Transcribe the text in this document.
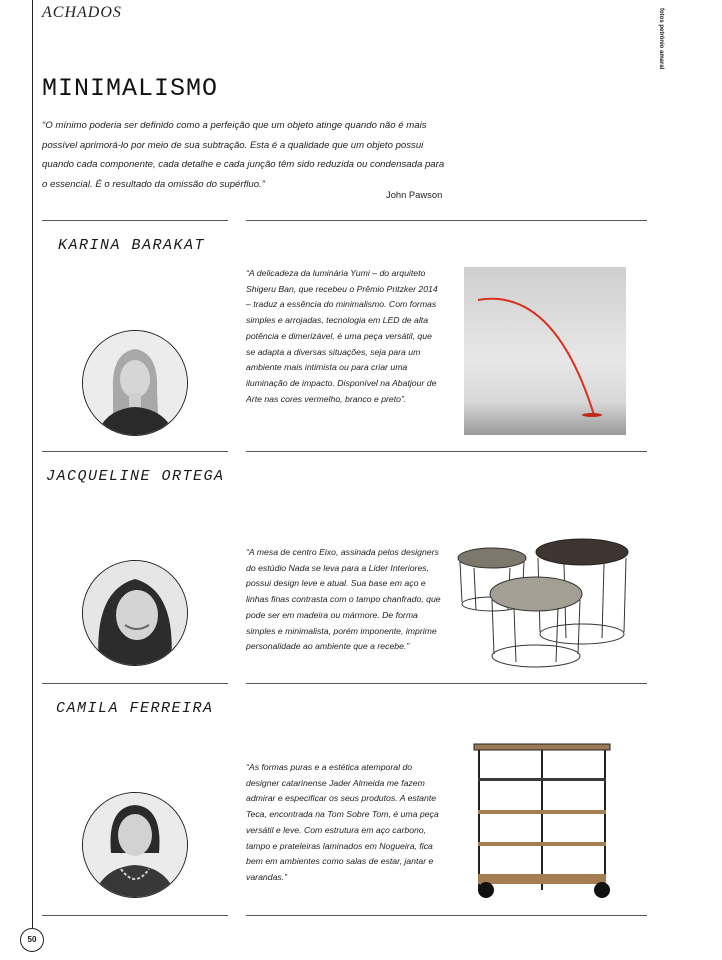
ACHADOS	fotos petrônio amaral
MINIMALISMO
“O mínimo poderia ser definido como a perfeição que um objeto atinge quando não é mais possível aprimorá-lo por meio de sua subtração. Esta é a qualidade que um objeto possui quando cada componente, cada detalhe e cada junção têm sido reduzida ou condensada para o essencial. É o resultado da omissão do supérfluo.”
John Pawson
KARINA BARAKAT
“A delicadeza da luminária Yumi – do arquiteto Shigeru Ban, que recebeu o Prêmio Pritzker 2014 – traduz a essência do minimalismo. Com formas simples e arrojadas, tecnologia em LED de alta potência e dimerizável, é uma peça versátil, que se adapta a diversas situações, seja para um ambiente mais intimista ou para criar uma iluminação de impacto. Disponível na Abatjour de Arte nas cores vermelho, branco e preto”.
JACQUELINE ORTEGA
“A mesa de centro Eixo, assinada pelos designers do estúdio Nada se leva para a Lider Interiores, possui design leve e atual. Sua base em aço e linhas finas contrasta com o tampo chanfrado, que pode ser em madeira ou mármore. De forma simples e minimalista, porém imponente, imprime personalidade ao ambiente que a recebe.”
CAMILA FERREIRA
“As formas puras e a estética atemporal do designer catarinense Jader Almeida me fazem admirar e especificar os seus produtos. A estante Teca, encontrada na Tom Sobre Tom, é uma peça versátil e leve. Com estrutura em aço carbono, tampo e prateleiras laminados em Nogueira, fica bem em ambientes como salas de estar, jantar e varandas.”
50
